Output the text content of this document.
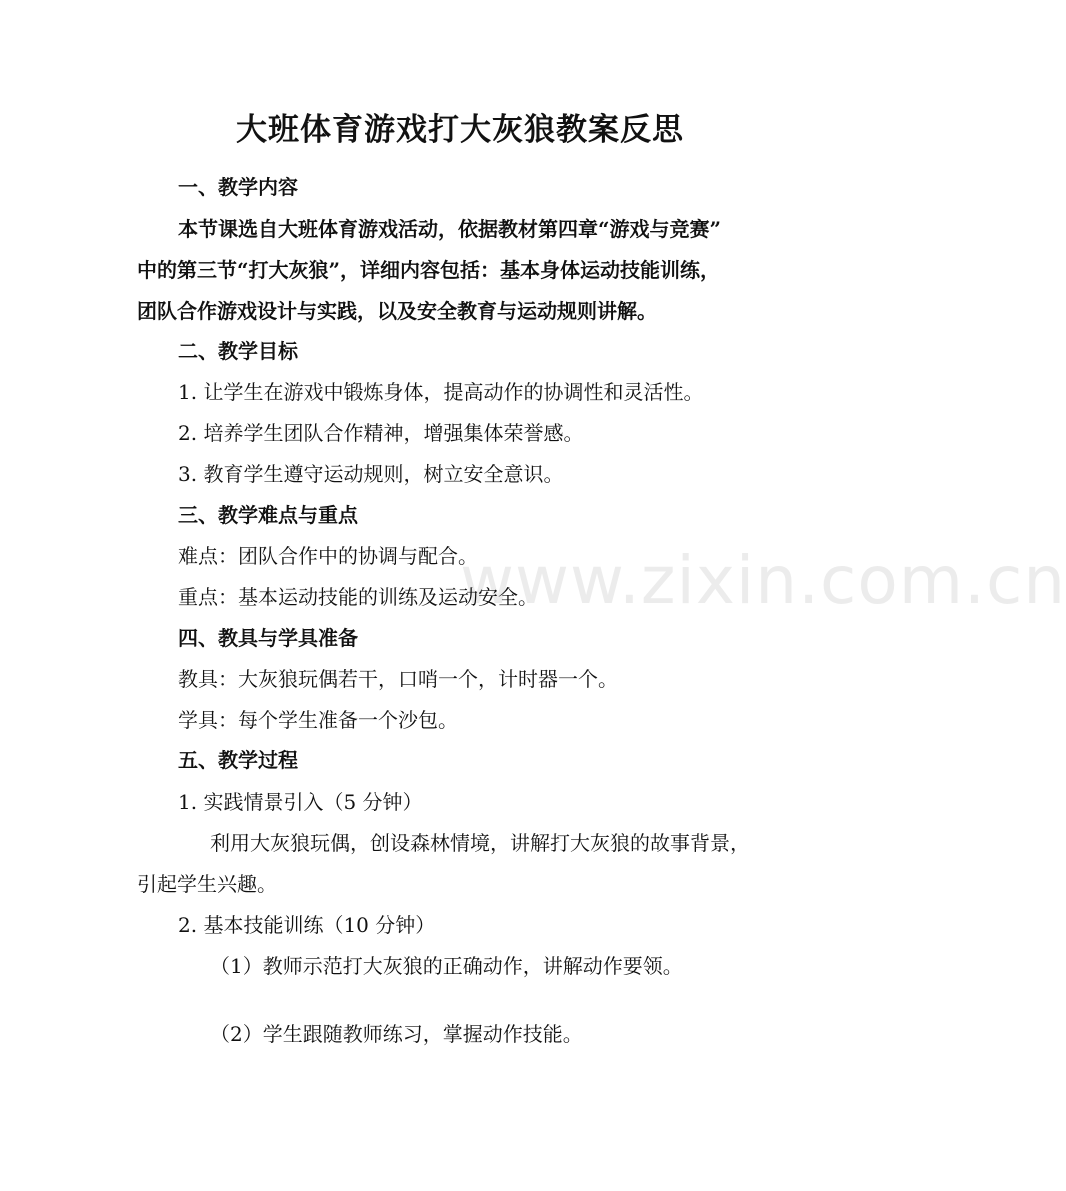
www.zixin.com.cn
大班体育游戏打大灰狼教案反思
一、教学内容
本节课选自大班体育游戏活动，依据教材第四章“游戏与竞赛”
中的第三节“打大灰狼”，详细内容包括：基本身体运动技能训练，
团队合作游戏设计与实践，以及安全教育与运动规则讲解。
二、教学目标
1. 让学生在游戏中锻炼身体，提高动作的协调性和灵活性。
2. 培养学生团队合作精神，增强集体荣誉感。
3. 教育学生遵守运动规则，树立安全意识。
三、教学难点与重点
难点：团队合作中的协调与配合。
重点：基本运动技能的训练及运动安全。
四、教具与学具准备
教具：大灰狼玩偶若干，口哨一个，计时器一个。
学具：每个学生准备一个沙包。
五、教学过程
1. 实践情景引入（5 分钟）
利用大灰狼玩偶，创设森林情境，讲解打大灰狼的故事背景，
引起学生兴趣。
2. 基本技能训练（10 分钟）
（1）教师示范打大灰狼的正确动作，讲解动作要领。
（2）学生跟随教师练习，掌握动作技能。
